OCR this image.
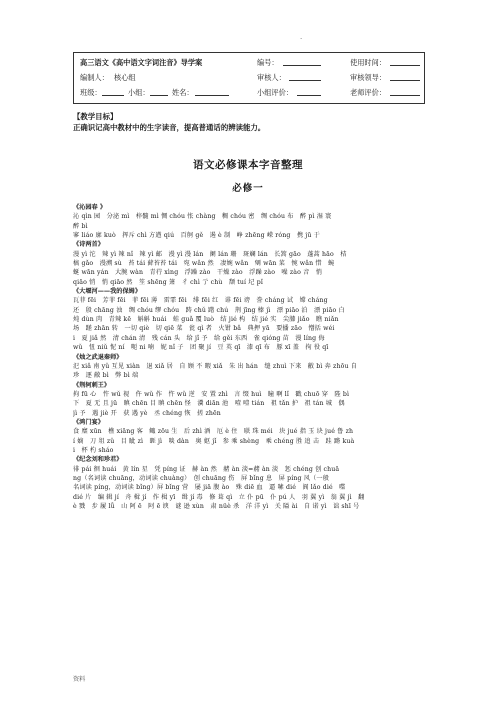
.
高三语文《高中语文字词注音》导学案	编号：	使用时间：
编制人： 核心组	审核人：	审核领导：
班级：	小组：	姓名：	小组评价：	老师评价：
【教学目标】
正确识记高中教材中的生字读音，提高普通话的辨读能力。
语文必修课本字音整理
必修一
《沁园春 》
沁 qìn 园　分泌 mì　梓髓 mì 惆 chóu 怅 chàng　稠 chóu 密　绸 chóu 布　醉 pì 湿 寰
醉 bì
寥 liáo 廓 kuò　挥斥 chì 方遒 qiú　百舸 gě　遏 è 制　峥 zhēng 嵘 róng　携 jū 于
《诗两首》
漫 yì 沱　辣 yì 辣 nǐ　辣 yì 邮　漫 yì 漫 lán　阑 lán 珊　斑斓 lán　长篙 gāo　蓬蒿 hāo　桔
槁 gǎo　漫溯 sù　苔 tái 藓苔苔 tái　宛 wǎn 然　凄婉 wǎn　剜 wān 菜　惋 wǎn 惜　蜿
蜒 wān yán　大腕 wàn　青荇 xìng　浮躁 zào　干燥 zào　浮躁 zào　噪 zào 音　悄
qiāo 悄　悄 qiāo 然　笙 shēng 箫　彳 chì 亍 chù　颓 tuí 圮 pǐ
《大堰河——我的保姆》
瓦菲 fēi　芳菲 fēi　菲 fēi 薄　雷霏 fēi　绯 fēi 红　诽 fēi 谤　誊 cháng 试　嫦 cháng
还　殷 chāng 浊　绸 chóu 缪 chóu　踌 chǔ 躇 chú　荆 jīng 榛 jì　漂 piāo 泊　漂 piāo 白
炖 dùn 肉　青辣 kē　斛斛 huái　蛙 guǎ 覆 luò　结 jié 构　结 jié 实　尖膝 jiǎo　瞧 niǎn
场　蹉 zhān 转　一切 qiè　切 qiē 菜　瓮 qì 者　火钳 bǎ　典押 yā　要播 zāo　憎括 wéi
i　夏 jiǎ 然　清 chán 清　残 cán 头　给 jǐ 予　给 gěi 东西　雀 qióng 苗　漫 líng 侮
wǔ　忸 niǔ 怩 ní　呃 ni 喃　妮 nǐ 子　团 聚 jí　豆 英 qī　漆 qī 布　豚 xī 盖　拘 役 qī
《烛之武退秦师》
氾 xiǎ 南 yǔ 互见 xiàn　退 xiǎ 居　自 顾 不 暇 xiǎ　朱 出 hán　缒 zhuì 下来　敝 bì 奔 zhōu 自
珍　逐 敝 bì　弊 bì 端
《荆轲刺王》
拘 fū 心　忤 wǔ 视　仵 wǔ 作　忤 wǔ 逆　安 置 zhì　言 缀 huì　瞳 啊 lǐ　戳 chuō 穿　陛 bì
下　夏 无 且 jū　瞋 chēn 目 瞋 chēn 怪　瀵 diān 池　噎 噎 tián　祖 tǎn 护　祖 tán 城　偶
jì 予　遇 jiè 开　获 遇 yè　丞 chéng 恢　搓 zhēn
《鸿门宴》
食 糜 xūn　樵 xiāng 客　鲰 zōu 生　后 zhì 酒　厄 è 住　联 珠 méi　块 jué 指 玉 块 jué 鲁 zh
í 嫡　刀 俎 zǔ　目 眦 zì　睚 jì　啖 dàn　奥 妪 jǐ　参 乘 shèng　乘 chéng 胜 追 击　跬 蹡 kuà
i　杯 杓 sháo
《纪念刘和珍君》
徘 pái 徊 huái　黄 lín 星　凭 píng 证　赫 àn 然　赭 àn 淡=赭 àn 淡　惩 chéng 创 chuā
ng（名词读 chuāng，动词读 chuàng）　创 chuāng 伤　屏 bǐng 息　屏 píng 风（一般
名词读 píng，动词读 bǐng）屏 bǐng 营　屡 jiā 腹 ào　殊 diē 血　逼 嗉 dié　阆 lǎo dié　喋
dié 片　编 辑 jí　舟 楫 jí　作 楫 yī　缉 jí 毒　修 葺 qì　立 仆 pū　仆 pú 人　羽 翼 yì　翁 翼 jì　翻
è 戮　步 履 lǚ　山 阿 ē　阿 ē 谀　谜 逊 xùn　肃 nüè 杀　洋 洋 yì　关 隘 ài　自 诺 yì　诎 shī 号
资料
